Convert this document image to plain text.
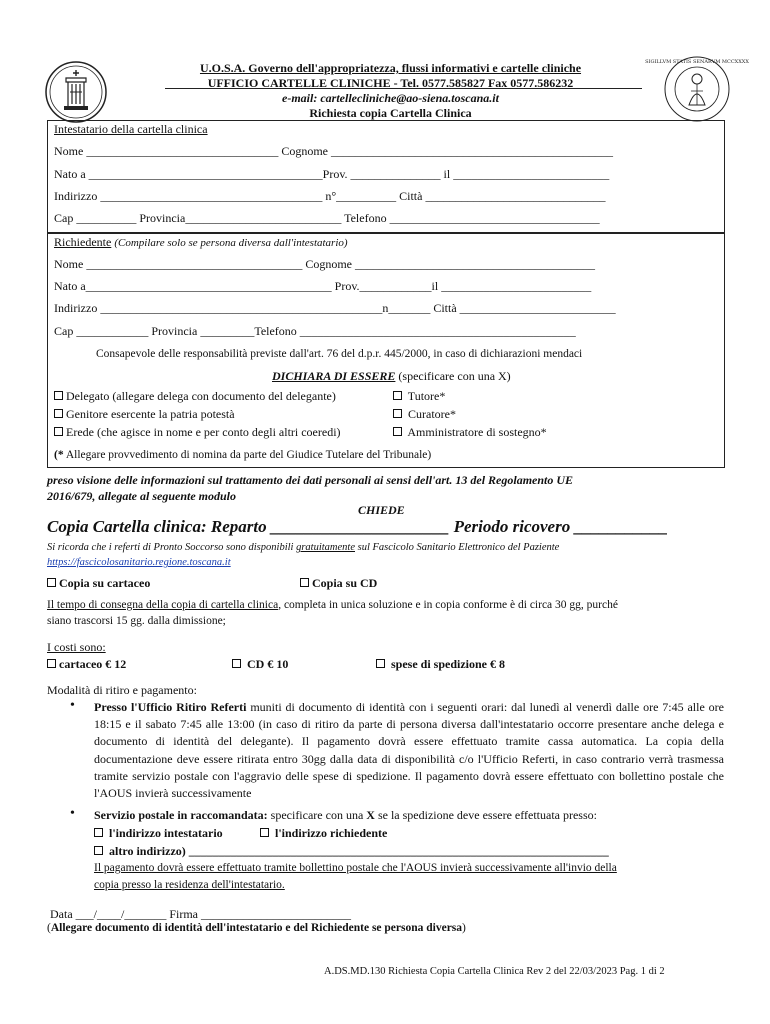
SIGILLVM STATIS SENARVM MCCXXXX
U.O.S.A. Governo dell'appropriatezza, flussi informativi e cartelle cliniche
UFFICIO CARTELLE CLINICHE - Tel. 0577.585827 Fax 0577.586232
e-mail: cartellecliniche@ao-siena.toscana.it
Richiesta copia Cartella Clinica
Intestatario della cartella clinica
Nome ________________________________ Cognome _______________________________________________
Nato a _______________________________________Prov. _______________ il __________________________
Indirizzo _____________________________________ n°__________ Città ______________________________
Cap __________ Provincia__________________________ Telefono ___________________________________
Richiedente (Compilare solo se persona diversa dall'intestatario)
Nome ____________________________________ Cognome ________________________________________
Nato a_________________________________________ Prov.____________il _________________________
Indirizzo _______________________________________________n_______ Città __________________________
Cap ____________ Provincia _________Telefono ______________________________________________
Consapevole delle responsabilità previste dall'art. 76 del d.p.r. 445/2000, in caso di dichiarazioni mendaci
DICHIARA DI ESSERE (specificare con una X)
Delegato (allegare delega con documento del delegante)
Genitore esercente la patria potestà
Erede (che agisce in nome e per conto degli altri coeredi)
Tutore*
Curatore*
Amministratore di sostegno*
(* Allegare provvedimento di nomina da parte del Giudice Tutelare del Tribunale)
preso visione delle informazioni sul trattamento dei dati personali ai sensi dell'art. 13 del Regolamento UE
2016/679, allegate al seguente modulo
CHIEDE
Copia Cartella clinica: Reparto _____________________ Periodo ricovero ___________
Si ricorda che i referti di Pronto Soccorso sono disponibili gratuitamente sul Fascicolo Sanitario Elettronico del Paziente
https://fascicolosanitario.regione.toscana.it
Copia su cartaceo	Copia su CD
Il tempo di consegna della copia di cartella clinica, completa in unica soluzione e in copia conforme è di circa 30 gg, purché
siano trascorsi 15 gg. dalla dimissione;
I costi sono:
cartaceo € 12	CD € 10	spese di spedizione € 8
Modalità di ritiro e pagamento:
• Presso l'Ufficio Ritiro Referti muniti di documento di identità con i seguenti orari: dal lunedì al venerdì dalle ore 7:45 alle ore 18:15 e il sabato 7:45 alle 13:00 (in caso di ritiro da parte di persona diversa dall'intestatario occorre presentare anche delega e documento di identità del delegante). Il pagamento dovrà essere effettuato tramite cassa automatica. La copia della documentazione deve essere ritirata entro 30gg dalla data di disponibilità c/o l'Ufficio Referti, in caso contrario verrà trasmessa tramite servizio postale con l'aggravio delle spese di spedizione. Il pagamento dovrà essere effettuato con bollettino postale che l'AOUS invierà successivamente

• Servizio postale in raccomandata: specificare con una X se la spedizione deve essere effettuata presso:
l'indirizzo intestatario	l'indirizzo richiedente
altro indirizzo) ______________________________________________________________________
Il pagamento dovrà essere effettuato tramite bollettino postale che l'AOUS invierà successivamente all'invio della
copia presso la residenza dell'intestatario.
Data ___/____/_______ Firma _________________________
(Allegare documento di identità dell'intestatario e del Richiedente se persona diversa)
A.DS.MD.130 Richiesta Copia Cartella Clinica Rev 2 del 22/03/2023 Pag. 1 di 2
